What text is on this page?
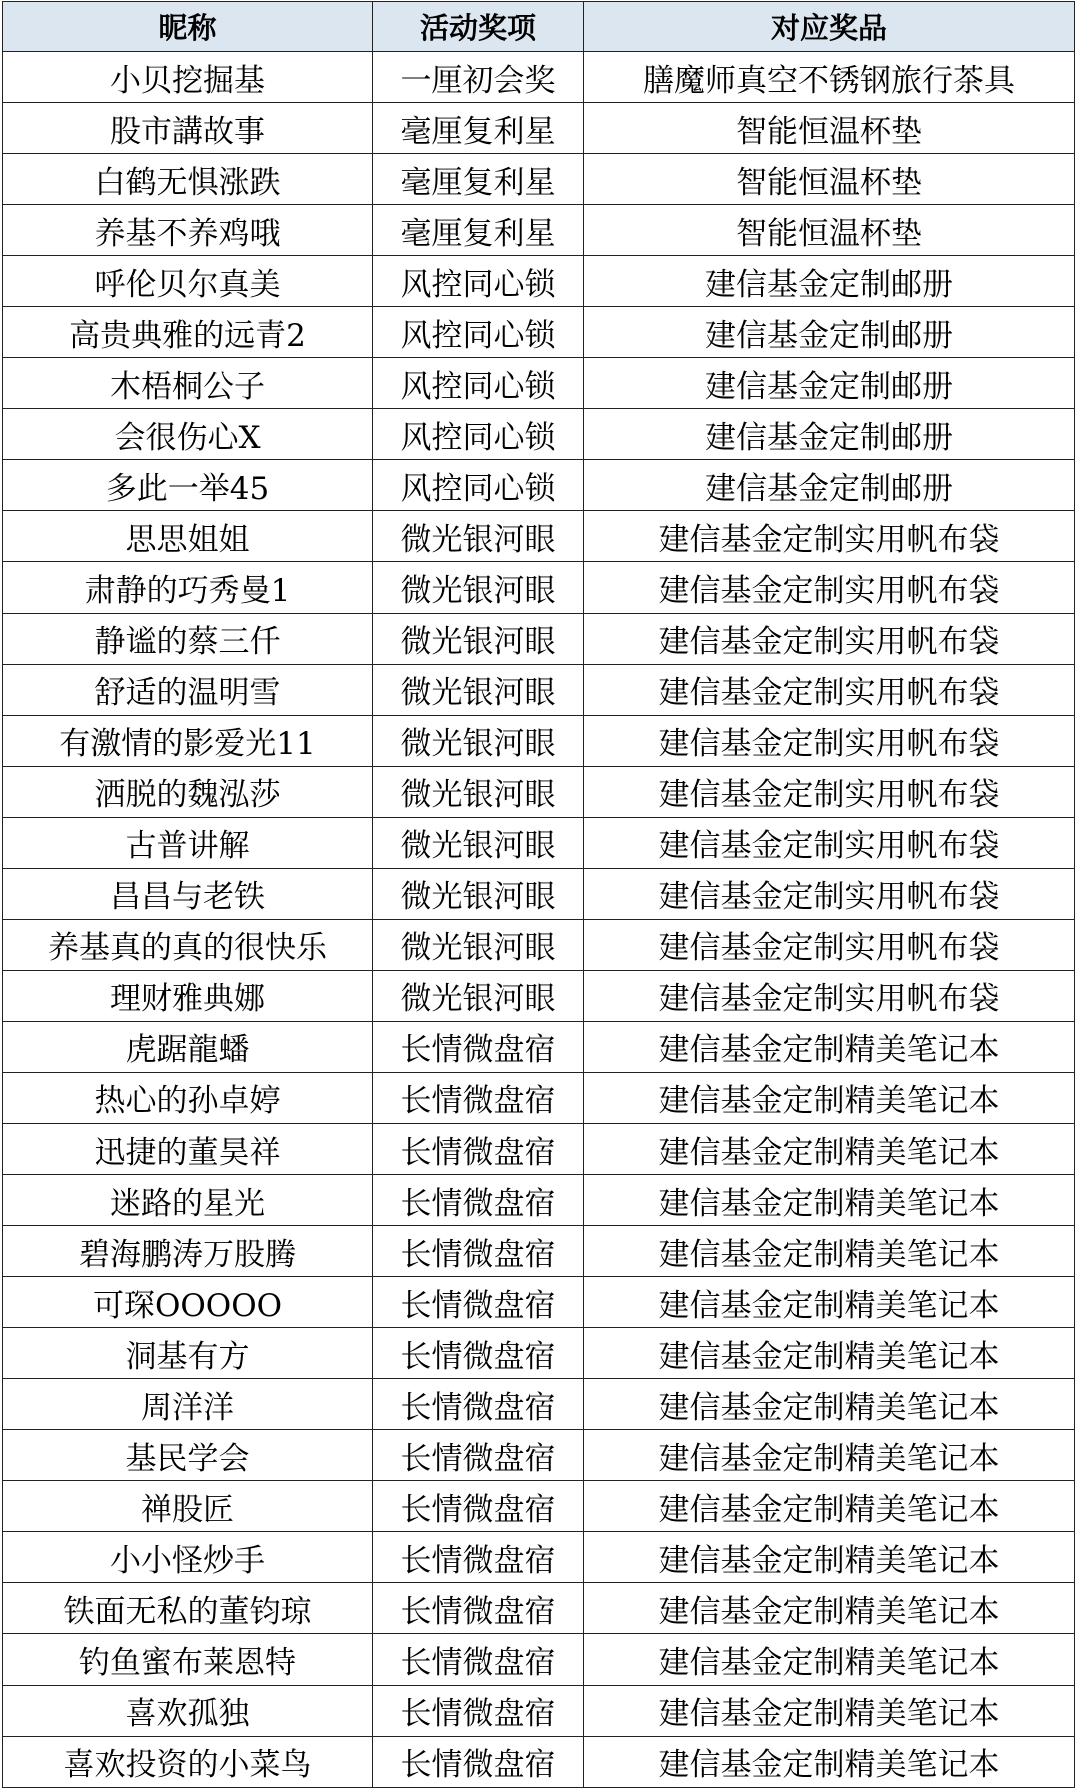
昵称	活动奖项	对应奖品
小贝挖掘基	一厘初会奖	膳魔师真空不锈钢旅行茶具
股市講故事	毫厘复利星	智能恒温杯垫
白鹤无惧涨跌	毫厘复利星	智能恒温杯垫
养基不养鸡哦	毫厘复利星	智能恒温杯垫
呼伦贝尔真美	风控同心锁	建信基金定制邮册
高贵典雅的远青2	风控同心锁	建信基金定制邮册
木梧桐公子	风控同心锁	建信基金定制邮册
会很伤心X	风控同心锁	建信基金定制邮册
多此一举45	风控同心锁	建信基金定制邮册
思思姐姐	微光银河眼	建信基金定制实用帆布袋
肃静的巧秀曼1	微光银河眼	建信基金定制实用帆布袋
静谧的蔡三仟	微光银河眼	建信基金定制实用帆布袋
舒适的温明雪	微光银河眼	建信基金定制实用帆布袋
有激情的影爱光11	微光银河眼	建信基金定制实用帆布袋
洒脱的魏泓莎	微光银河眼	建信基金定制实用帆布袋
古普讲解	微光银河眼	建信基金定制实用帆布袋
昌昌与老铁	微光银河眼	建信基金定制实用帆布袋
养基真的真的很快乐	微光银河眼	建信基金定制实用帆布袋
理财雅典娜	微光银河眼	建信基金定制实用帆布袋
虎踞龍蟠	长情微盘宿	建信基金定制精美笔记本
热心的孙卓婷	长情微盘宿	建信基金定制精美笔记本
迅捷的董昊祥	长情微盘宿	建信基金定制精美笔记本
迷路的星光	长情微盘宿	建信基金定制精美笔记本
碧海鹏涛万股腾	长情微盘宿	建信基金定制精美笔记本
可琛OOOOO	长情微盘宿	建信基金定制精美笔记本
洞基有方	长情微盘宿	建信基金定制精美笔记本
周洋洋	长情微盘宿	建信基金定制精美笔记本
基民学会	长情微盘宿	建信基金定制精美笔记本
禅股匠	长情微盘宿	建信基金定制精美笔记本
小小怪炒手	长情微盘宿	建信基金定制精美笔记本
铁面无私的董钧琼	长情微盘宿	建信基金定制精美笔记本
钓鱼蜜布莱恩特	长情微盘宿	建信基金定制精美笔记本
喜欢孤独	长情微盘宿	建信基金定制精美笔记本
喜欢投资的小菜鸟	长情微盘宿	建信基金定制精美笔记本
